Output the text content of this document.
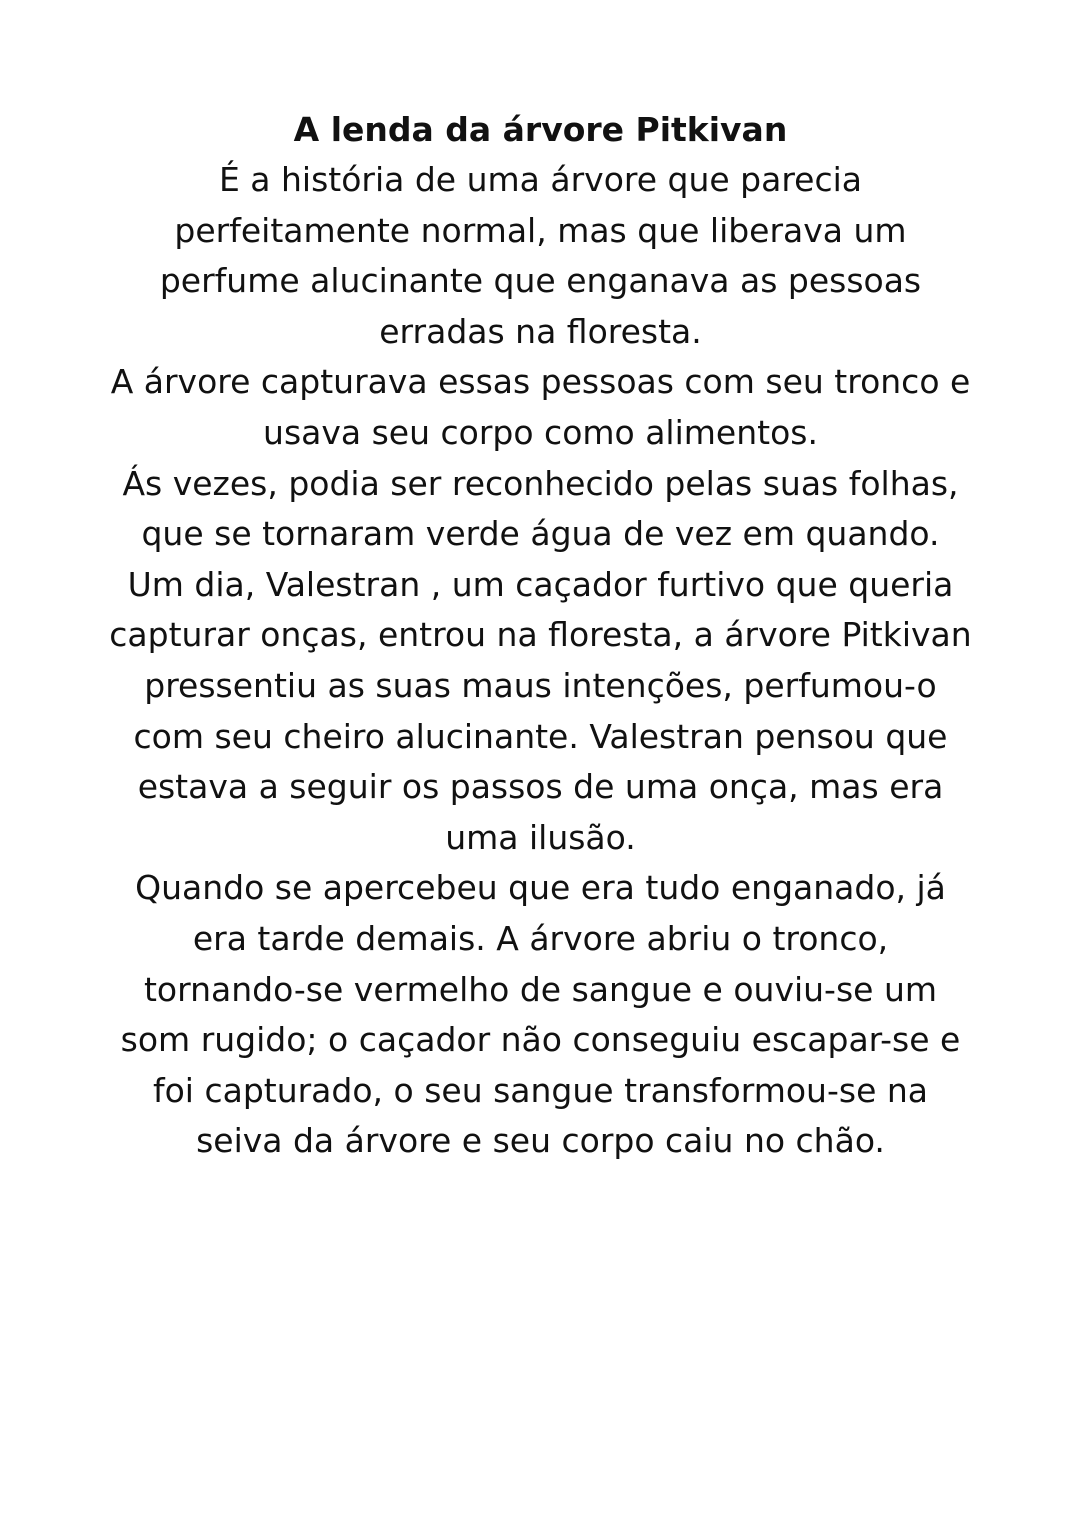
A lenda da árvore Pitkivan
É a história de uma árvore que parecia
perfeitamente normal, mas que liberava um
perfume alucinante que enganava as pessoas
erradas na floresta.
A árvore capturava essas pessoas com seu tronco e
usava seu corpo como alimentos.
Ás vezes, podia ser reconhecido pelas suas folhas,
que se tornaram verde água de vez em quando.
Um dia, Valestran , um caçador furtivo que queria
capturar onças, entrou na floresta, a árvore Pitkivan
pressentiu as suas maus intenções, perfumou-o
com seu cheiro alucinante. Valestran pensou que
estava a seguir os passos de uma onça, mas era
uma ilusão.
Quando se apercebeu que era tudo enganado, já
era tarde demais. A árvore abriu o tronco,
tornando-se vermelho de sangue e ouviu-se um
som rugido; o caçador não conseguiu escapar-se e
foi capturado, o seu sangue transformou-se na
seiva da árvore e seu corpo caiu no chão.
